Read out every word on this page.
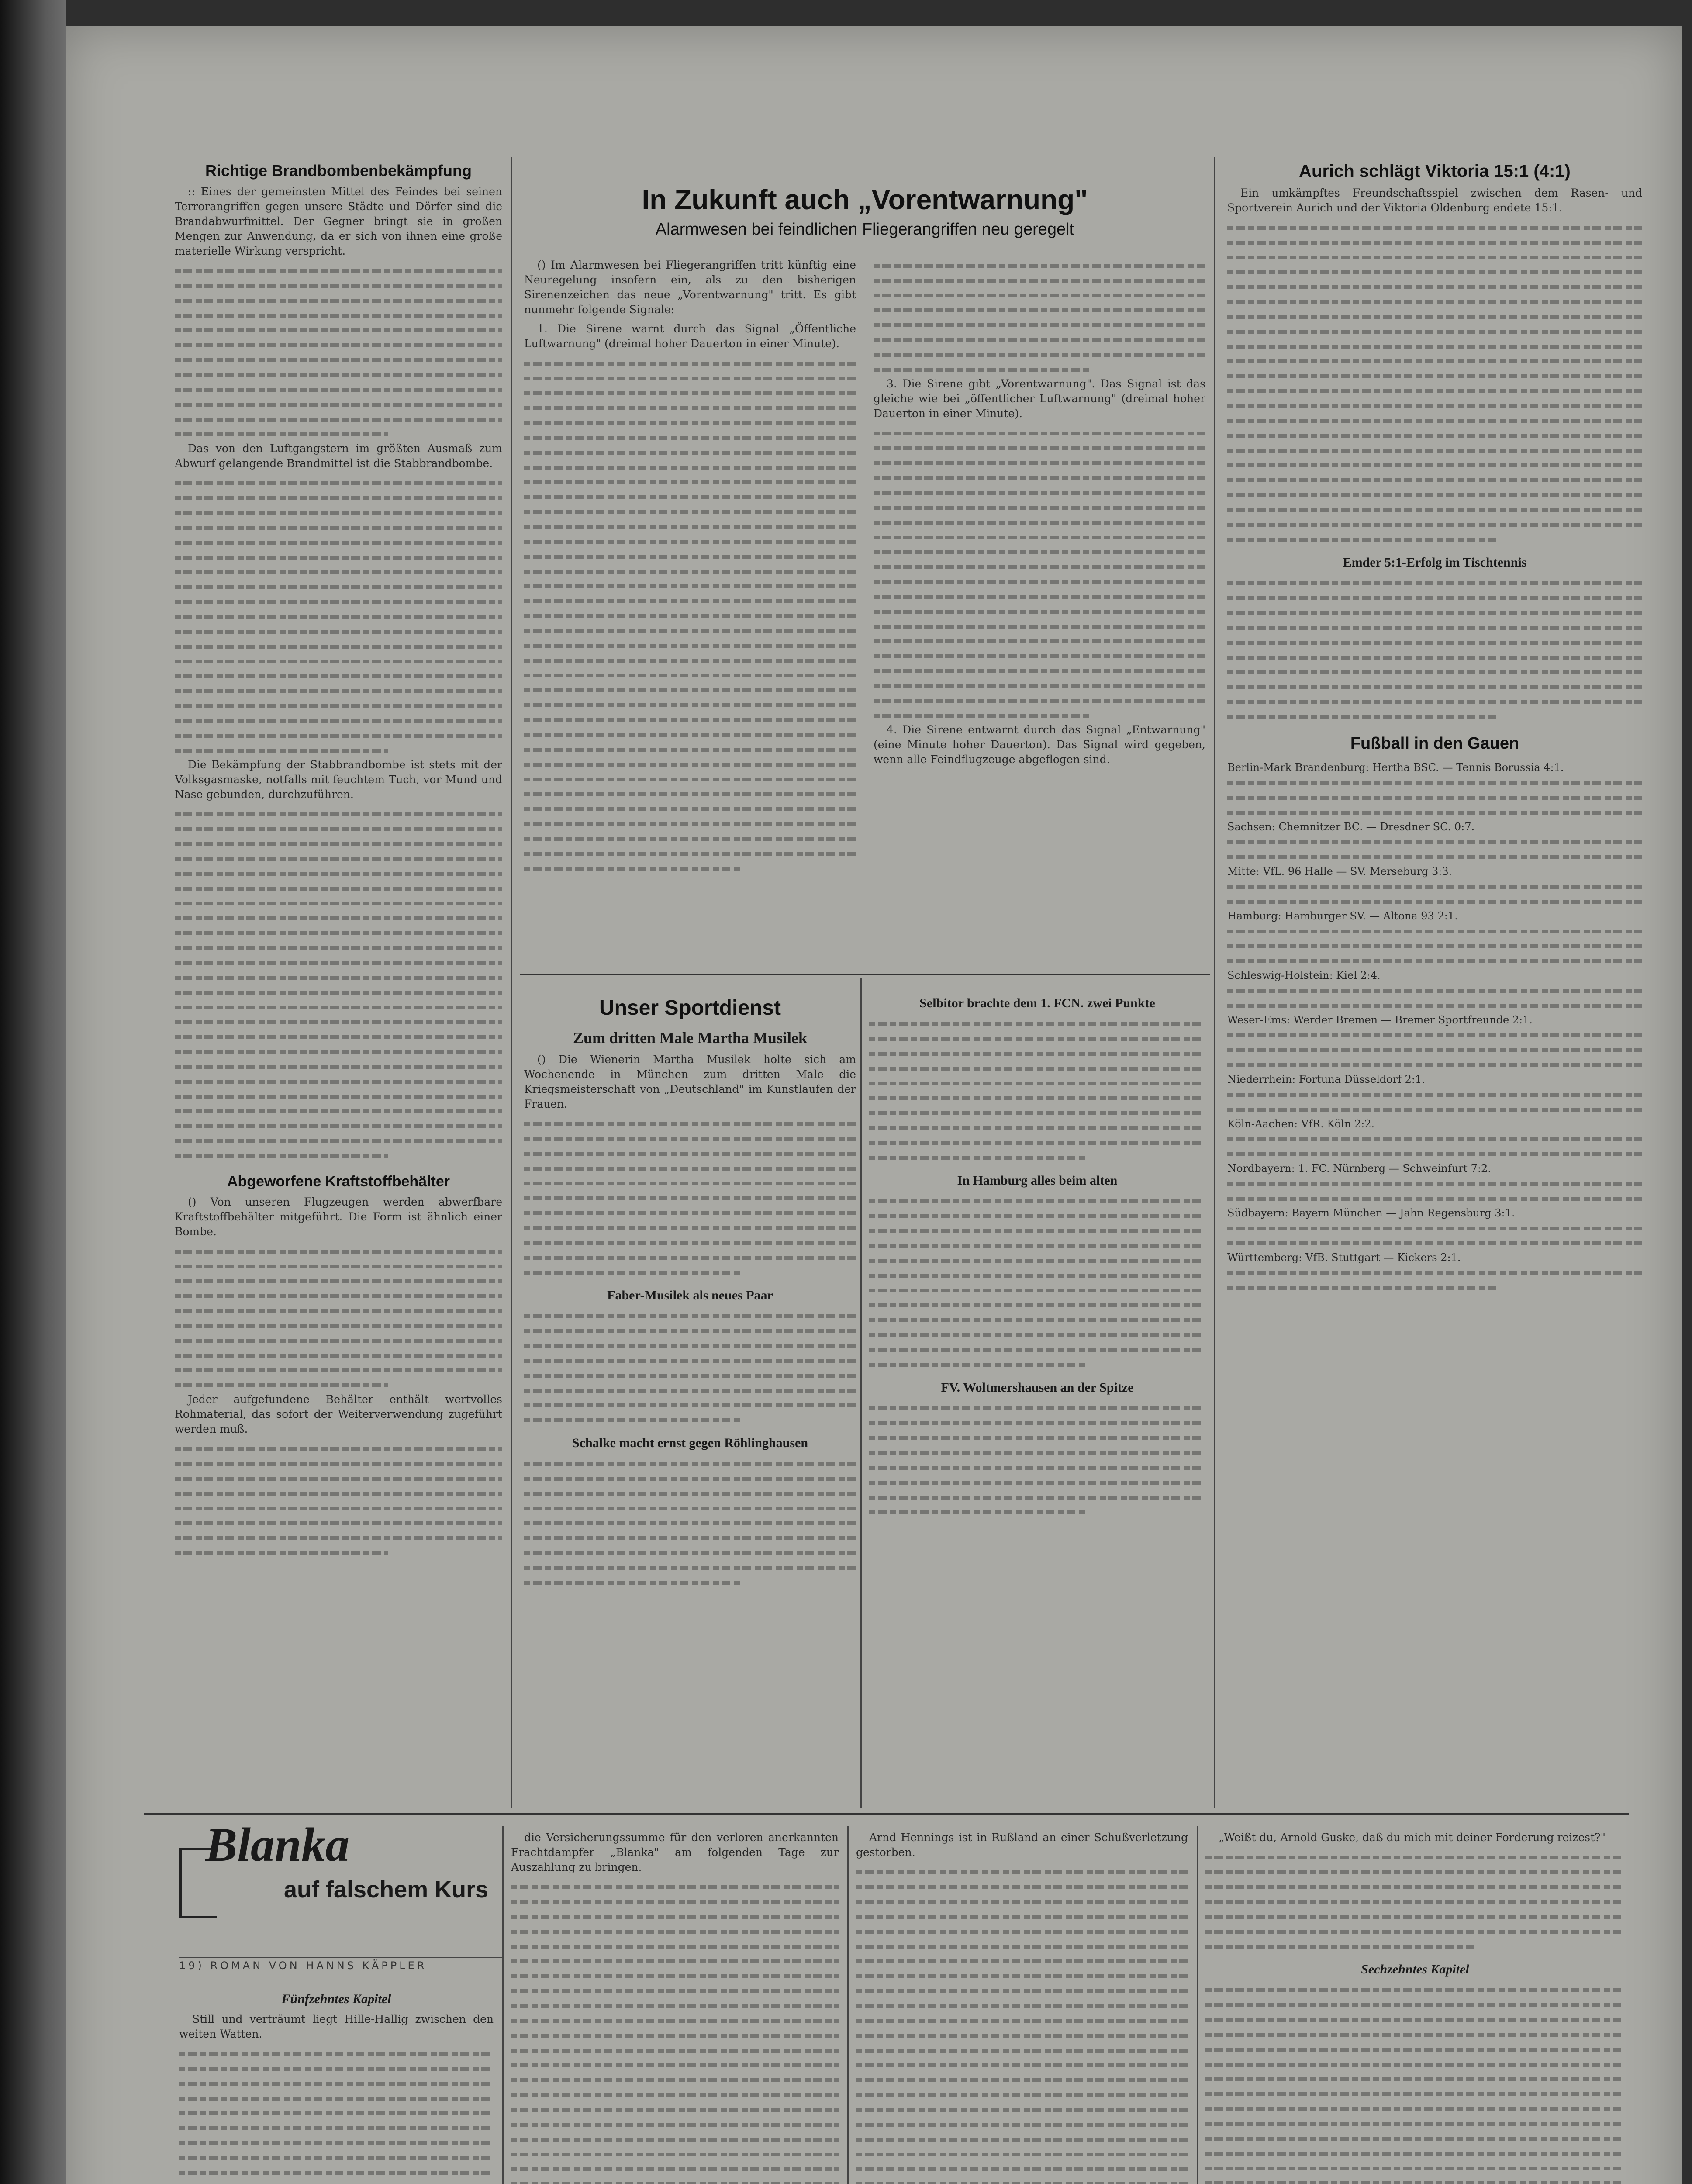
Richtige Brandbombenbekämpfung

:: Eines der gemeinsten Mittel des Feindes bei seinen Terrorangriffen gegen unsere Städte und Dörfer sind die Brandabwurfmittel. Der Gegner bringt sie in großen Mengen zur Anwendung, da er sich von ihnen eine große materielle Wirkung verspricht.

Das von den Luftgangstern im größten Ausmaß zum Abwurf gelangende Brandmittel ist die Stabbrandbombe.

Die Bekämpfung der Stabbrandbombe ist stets mit der Volksgasmaske, notfalls mit feuchtem Tuch, vor Mund und Nase gebunden, durchzuführen.

Abgeworfene Kraftstoffbehälter

() Von unseren Flugzeugen werden abwerfbare Kraftstoffbehälter mitgeführt. Die Form ist ähnlich einer Bombe.

Jeder aufgefundene Behälter enthält wertvolles Rohmaterial, das sofort der Weiterverwendung zugeführt werden muß.

In Zukunft auch „Vorentwarnung"

Alarmwesen bei feindlichen Fliegerangriffen neu geregelt

() Im Alarmwesen bei Fliegerangriffen tritt künftig eine Neuregelung insofern ein, als zu den bisherigen Sirenenzeichen das neue „Vorentwarnung" tritt. Es gibt nunmehr folgende Signale:

1. Die Sirene warnt durch das Signal „Öffentliche Luftwarnung" (dreimal hoher Dauerton in einer Minute).

3. Die Sirene gibt „Vorentwarnung". Das Signal ist das gleiche wie bei „öffentlicher Luftwarnung" (dreimal hoher Dauerton in einer Minute).

4. Die Sirene entwarnt durch das Signal „Entwarnung" (eine Minute hoher Dauerton). Das Signal wird gegeben, wenn alle Feindflugzeuge abgeflogen sind.

Unser Sportdienst

Zum dritten Male Martha Musilek

() Die Wienerin Martha Musilek holte sich am Wochenende in München zum dritten Male die Kriegsmeisterschaft von „Deutschland" im Kunstlaufen der Frauen.

Faber-Musilek als neues Paar

Schalke macht ernst gegen Röhlinghausen

Selbitor brachte dem 1. FCN. zwei Punkte

In Hamburg alles beim alten

FV. Woltmershausen an der Spitze

Aurich schlägt Viktoria 15:1 (4:1)

Ein umkämpftes Freundschaftsspiel zwischen dem Rasen- und Sportverein Aurich und der Viktoria Oldenburg endete 15:1.

Emder 5:1-Erfolg im Tischtennis

Fußball in den Gauen

Berlin-Mark Brandenburg: Hertha BSC. — Tennis Borussia 4:1.

Sachsen: Chemnitzer BC. — Dresdner SC. 0:7.

Mitte: VfL. 96 Halle — SV. Merseburg 3:3.

Hamburg: Hamburger SV. — Altona 93 2:1.

Schleswig-Holstein: Kiel 2:4.

Weser-Ems: Werder Bremen — Bremer Sportfreunde 2:1.

Niederrhein: Fortuna Düsseldorf 2:1.

Köln-Aachen: VfR. Köln 2:2.

Nordbayern: 1. FC. Nürnberg — Schweinfurt 7:2.

Südbayern: Bayern München — Jahn Regensburg 3:1.

Württemberg: VfB. Stuttgart — Kickers 2:1.

Blanka
auf falschem Kurs
19) ROMAN VON HANNS KÄPPLER

Fünfzehntes Kapitel

Still und verträumt liegt Hille-Hallig zwischen den weiten Watten.

die Versicherungssumme für den verloren anerkannten Frachtdampfer „Blanka" am folgenden Tage zur Auszahlung zu bringen.

Arnd Hennings ist in Rußland an einer Schußverletzung gestorben.

„Weißt du, Arnold Guske, daß du mich mit deiner Forderung reizest?"

Sechzehntes Kapitel
